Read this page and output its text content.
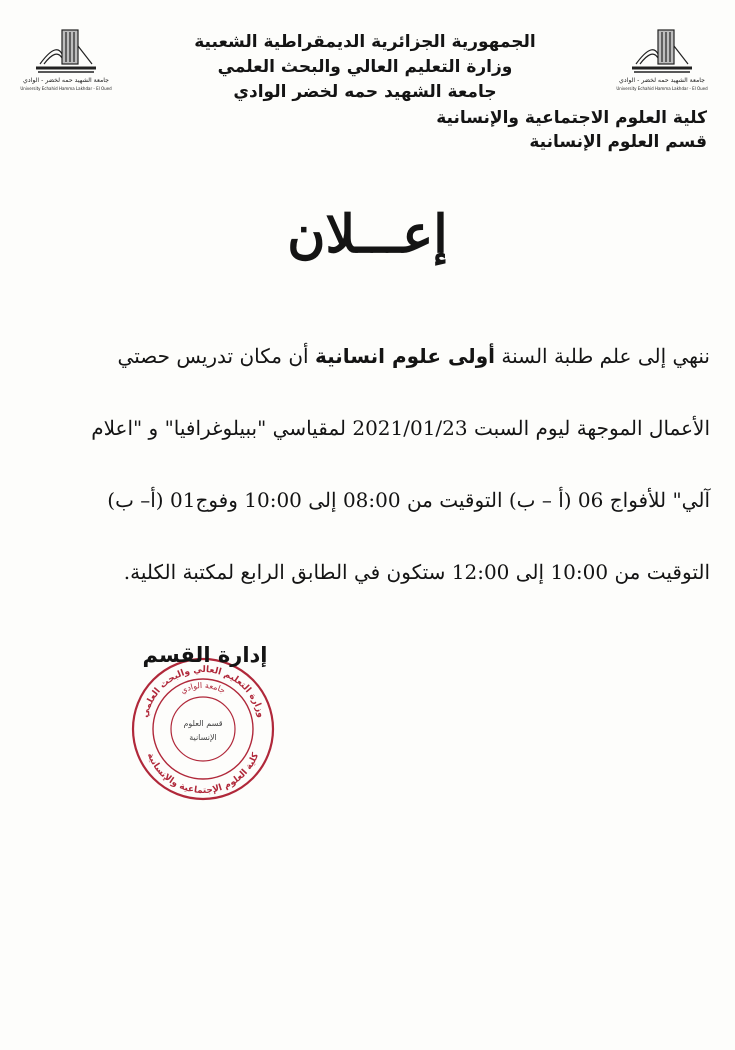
جامعة الشهيد حمه لخضر - الوادي
University Echahid Hamma Lakhdar - El Oued
جامعة الشهيد حمه لخضر - الوادي
University Echahid Hamma Lakhdar - El Oued
الجمهورية الجزائرية الديمقراطية الشعبية
وزارة التعليم العالي والبحث العلمي
جامعة الشهيد حمه لخضر الوادي
كلية العلوم الاجتماعية والإنسانية
قسم العلوم الإنسانية
إعـــلان
ننهي إلى علم طلبة السنة أولى علوم انسانية أن مكان تدريس حصتي
الأعمال الموجهة ليوم السبت 2021/01/23 لمقياسي "ببيلوغرافيا" و "اعلام
آلي" للأفواج 06 (أ – ب) التوقيت من 08:00 إلى 10:00 وفوج01 (أ– ب)
التوقيت من 10:00 إلى 12:00 ستكون في الطابق الرابع لمكتبة الكلية.
وزارة التعليم العالي والبحث العلمي
جامعة الوادي
كلية العلوم الإجتماعية والإنسانية
قسم العلوم
الإنسانية
إدارة القسم
